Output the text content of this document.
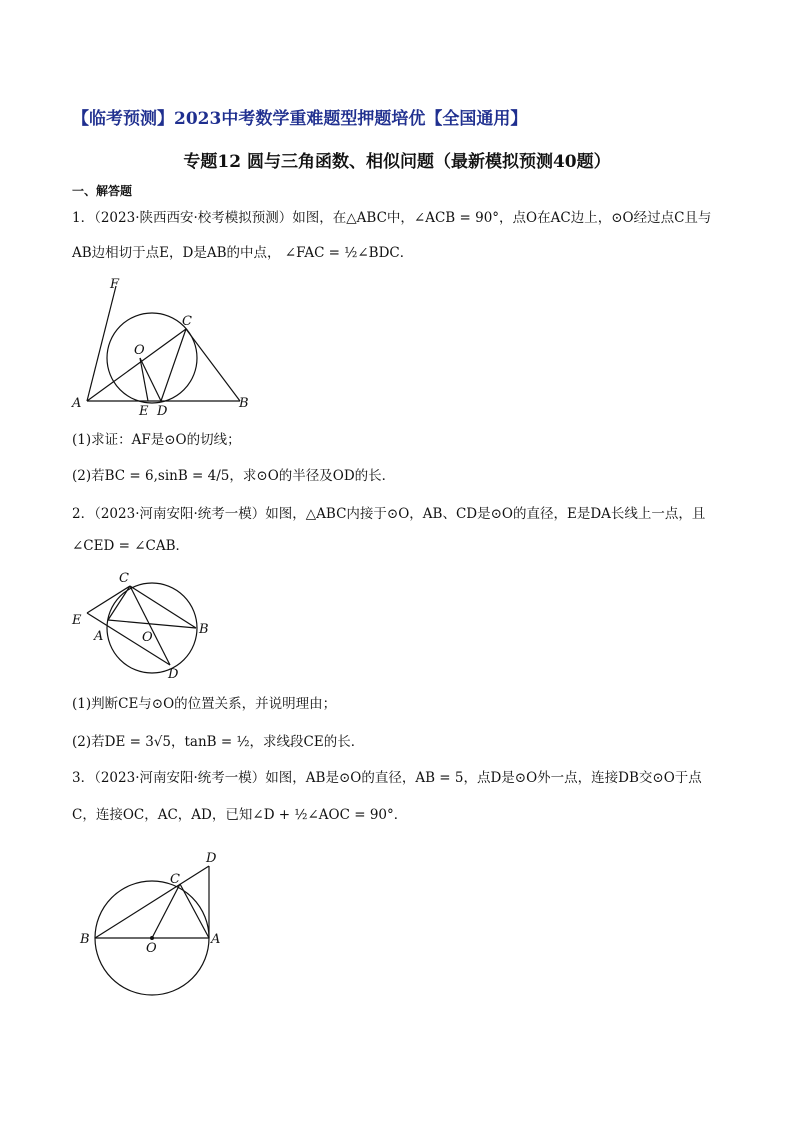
【临考预测】2023中考数学重难题型押题培优【全国通用】
专题12 圆与三角函数、相似问题（最新模拟预测40题）
一、解答题
1．（2023·陕西西安·校考模拟预测）如图，在△ABC中，∠ACB = 90°，点O在AC边上，⊙O经过点C且与
AB边相切于点E，D是AB的中点， ∠FAC = ½∠BDC．
F
C
O
A
E D
B
(1)求证：AF是⊙O的切线；
(2)若BC = 6,sinB = 4/5，求⊙O的半径及OD的长．
2．（2023·河南安阳·统考一模）如图，△ABC内接于⊙O，AB、CD是⊙O的直径，E是DA长线上一点，且
∠CED = ∠CAB．
C
E
A	O
B
D
(1)判断CE与⊙O的位置关系，并说明理由；
(2)若DE = 3√5，tanB = ½，求线段CE的长．
3．（2023·河南安阳·统考一模）如图，AB是⊙O的直径，AB = 5，点D是⊙O外一点，连接DB交⊙O于点
C，连接OC，AC，AD，已知∠D + ½∠AOC = 90°．
D
C
B
O
A
